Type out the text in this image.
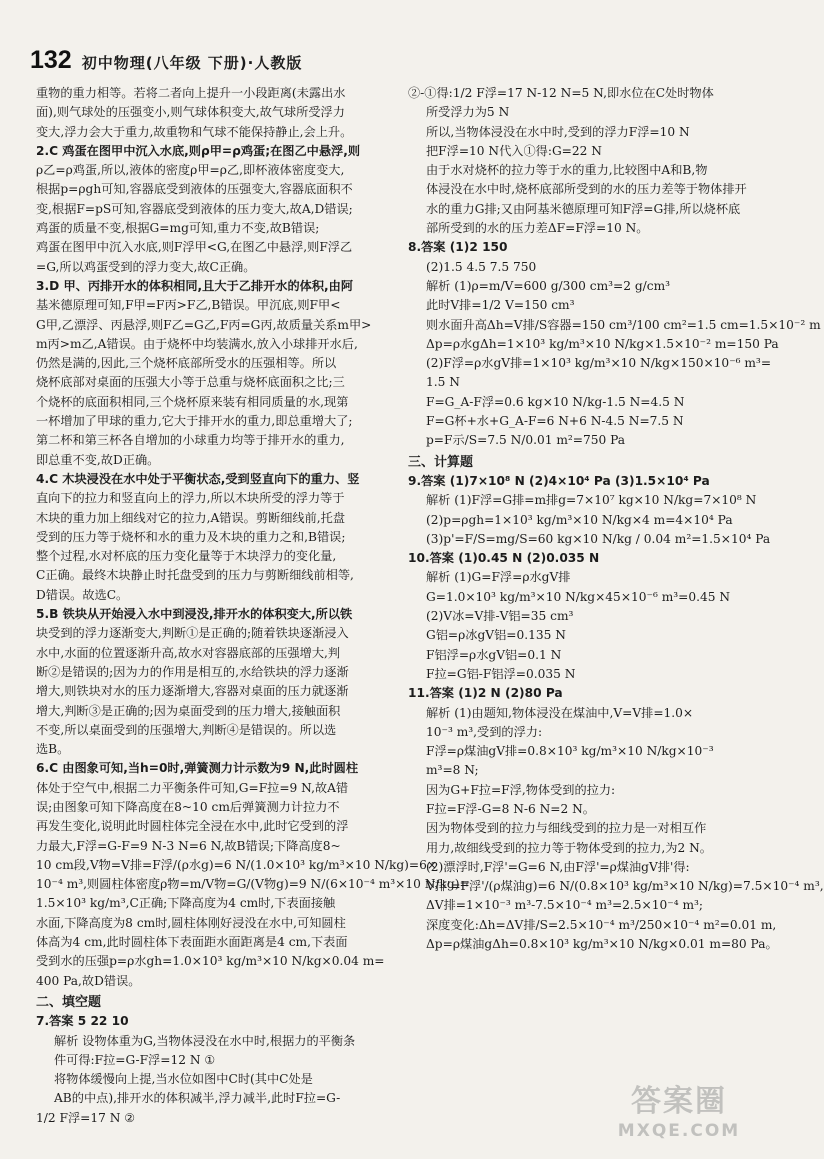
132 初中物理(八年级 下册)·人教版
重物的重力相等。若将二者向上提升一小段距离(未露出水
面),则气球处的压强变小,则气球体积变大,故气球所受浮力
变大,浮力会大于重力,故重物和气球不能保持静止,会上升。
2.C 鸡蛋在图甲中沉入水底,则ρ甲=ρ鸡蛋;在图乙中悬浮,则
ρ乙=ρ鸡蛋,所以,液体的密度ρ甲=ρ乙,即杯液体密度变大,
根据p=ρgh可知,容器底受到液体的压强变大,容器底面积不
变,根据F=pS可知,容器底受到液体的压力变大,故A,D错误;
鸡蛋的质量不变,根据G=mg可知,重力不变,故B错误;
鸡蛋在图甲中沉入水底,则F浮甲<G,在图乙中悬浮,则F浮乙
=G,所以鸡蛋受到的浮力变大,故C正确。
3.D 甲、丙排开水的体积相同,且大于乙排开水的体积,由阿
基米德原理可知,F甲=F丙>F乙,B错误。甲沉底,则F甲<
G甲,乙漂浮、丙悬浮,则F乙=G乙,F丙=G丙,故质量关系m甲>
m丙>m乙,A错误。由于烧杯中均装满水,放入小球排开水后,
仍然是满的,因此,三个烧杯底部所受水的压强相等。所以
烧杯底部对桌面的压强大小等于总重与烧杯底面积之比;三
个烧杯的底面积相同,三个烧杯原来装有相同质量的水,现第
一杯增加了甲球的重力,它大于排开水的重力,即总重增大了;
第二杯和第三杯各自增加的小球重力均等于排开水的重力,
即总重不变,故D正确。
4.C 木块浸没在水中处于平衡状态,受到竖直向下的重力、竖
直向下的拉力和竖直向上的浮力,所以木块所受的浮力等于
木块的重力加上细线对它的拉力,A错误。剪断细线前,托盘
受到的压力等于烧杯和水的重力及木块的重力之和,B错误;
整个过程,水对杯底的压力变化量等于木块浮力的变化量,
C正确。最终木块静止时托盘受到的压力与剪断细线前相等,
D错误。故选C。
5.B 铁块从开始浸入水中到浸没,排开水的体积变大,所以铁
块受到的浮力逐渐变大,判断①是正确的;随着铁块逐渐浸入
水中,水面的位置逐渐升高,故水对容器底部的压强增大,判
断②是错误的;因为力的作用是相互的,水给铁块的浮力逐渐
增大,则铁块对水的压力逐渐增大,容器对桌面的压力就逐渐
增大,判断③是正确的;因为桌面受到的压力增大,接触面积
不变,所以桌面受到的压强增大,判断④是错误的。所以选
选B。
6.C 由图象可知,当h=0时,弹簧测力计示数为9 N,此时圆柱
体处于空气中,根据二力平衡条件可知,G=F拉=9 N,故A错
误;由图象可知下降高度在8~10 cm后弹簧测力计拉力不
再发生变化,说明此时圆柱体完全浸在水中,此时它受到的浮
力最大,F浮=G-F=9 N-3 N=6 N,故B错误;下降高度8~
10 cm段,V物=V排=F浮/(ρ水g)=6 N/(1.0×10³ kg/m³×10 N/kg)=6×
10⁻⁴ m³,则圆柱体密度ρ物=m/V物=G/(V物g)=9 N/(6×10⁻⁴ m³×10 N/kg)=
1.5×10³ kg/m³,C正确;下降高度为4 cm时,下表面接触
水面,下降高度为8 cm时,圆柱体刚好浸没在水中,可知圆柱
体高为4 cm,此时圆柱体下表面距水面距离是4 cm,下表面
受到水的压强p=ρ水gh=1.0×10³ kg/m³×10 N/kg×0.04 m=
400 Pa,故D错误。
二、填空题
7.答案 5 22 10
解析 设物体重为G,当物体浸没在水中时,根据力的平衡条
件可得:F拉=G-F浮=12 N ①
将物体缓慢向上提,当水位如图中C时(其中C处是
AB的中点),排开水的体积减半,浮力减半,此时F拉=G-
1/2 F浮=17 N ②
②-①得:1/2 F浮=17 N-12 N=5 N,即水位在C处时物体
所受浮力为5 N
所以,当物体浸没在水中时,受到的浮力F浮=10 N
把F浮=10 N代入①得:G=22 N
由于水对烧杯的拉力等于水的重力,比较图中A和B,物
体浸没在水中时,烧杯底部所受到的水的压力差等于物体排开
水的重力G排;又由阿基米德原理可知F浮=G排,所以烧杯底
部所受到的水的压力差ΔF=F浮=10 N。
8.答案 (1)2 150
(2)1.5 4.5 7.5 750
解析 (1)ρ=m/V=600 g/300 cm³=2 g/cm³
此时V排=1/2 V=150 cm³
则水面升高Δh=V排/S容器=150 cm³/100 cm²=1.5 cm=1.5×10⁻² m
Δp=ρ水gΔh=1×10³ kg/m³×10 N/kg×1.5×10⁻² m=150 Pa
(2)F浮=ρ水gV排=1×10³ kg/m³×10 N/kg×150×10⁻⁶ m³=
1.5 N
F=G_A-F浮=0.6 kg×10 N/kg-1.5 N=4.5 N
F=G杯+水+G_A-F=6 N+6 N-4.5 N=7.5 N
p=F示/S=7.5 N/0.01 m²=750 Pa
三、计算题
9.答案 (1)7×10⁸ N (2)4×10⁴ Pa (3)1.5×10⁴ Pa
解析 (1)F浮=G排=m排g=7×10⁷ kg×10 N/kg=7×10⁸ N
(2)p=ρgh=1×10³ kg/m³×10 N/kg×4 m=4×10⁴ Pa
(3)p'=F/S=mg/S=60 kg×10 N/kg / 0.04 m²=1.5×10⁴ Pa
10.答案 (1)0.45 N (2)0.035 N
解析 (1)G=F浮=ρ水gV排
G=1.0×10³ kg/m³×10 N/kg×45×10⁻⁶ m³=0.45 N
(2)V冰=V排-V铝=35 cm³
G铝=ρ冰gV铝=0.135 N
F铝浮=ρ水gV铝=0.1 N
F拉=G铝-F铝浮=0.035 N
11.答案 (1)2 N (2)80 Pa
解析 (1)由题知,物体浸没在煤油中,V=V排=1.0×
10⁻³ m³,受到的浮力:
F浮=ρ煤油gV排=0.8×10³ kg/m³×10 N/kg×10⁻³
m³=8 N;
因为G+F拉=F浮,物体受到的拉力:
F拉=F浮-G=8 N-6 N=2 N。
因为物体受到的拉力与细线受到的拉力是一对相互作
用力,故细线受到的拉力等于物体受到的拉力,为2 N。
(2)漂浮时,F浮'=G=6 N,由F浮'=ρ煤油gV排'得:
V排'=F浮'/(ρ煤油g)=6 N/(0.8×10³ kg/m³×10 N/kg)=7.5×10⁻⁴ m³,
ΔV排=1×10⁻³ m³-7.5×10⁻⁴ m³=2.5×10⁻⁴ m³;
深度变化:Δh=ΔV排/S=2.5×10⁻⁴ m³/250×10⁻⁴ m²=0.01 m,
Δp=ρ煤油gΔh=0.8×10³ kg/m³×10 N/kg×0.01 m=80 Pa。
答案圈
MXQE.COM
